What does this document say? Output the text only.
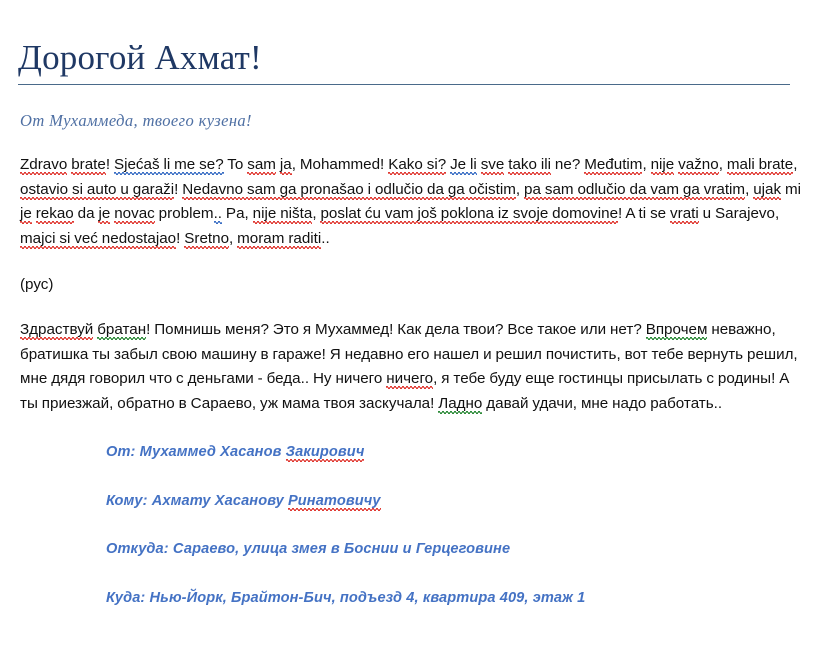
Дорогой Ахмат!

От Мухаммеда, твоего кузена!

Zdravo brate! Sjećaš li me se? To sam ja, Mohammed! Kako si? Je li sve tako ili ne? Međutim, nije važno, mali brate, ostavio si auto u garaži! Nedavno sam ga pronašao i odlučio da ga očistim, pa sam odlučio da vam ga vratim, ujak mi je rekao da je novac problem.. Pa, nije ništa, poslat ću vam još poklona iz svoje domovine! A ti se vrati u Sarajevo, majci si već nedostajao! Sretno, moram raditi..

(рус)

Здраствуй братан! Помнишь меня? Это я Мухаммед! Как дела твои? Все такое или нет? Впрочем неважно, братишка ты забыл свою машину в гараже! Я недавно его нашел и решил почистить, вот тебе вернуть решил, мне дядя говорил что с деньгами - беда.. Ну ничего ничего, я тебе буду еще гостинцы присылать с родины! А ты приезжай, обратно в Сараево, уж мама твоя заскучала! Ладно давай удачи, мне надо работать..

От: Мухаммед Хасанов Закирович

Кому: Ахмату Хасанову Ринатовичу

Откуда: Сараево, улица змея в Боснии и Герцеговине

Куда: Нью-Йорк, Брайтон-Бич, подъезд 4, квартира 409, этаж 1
